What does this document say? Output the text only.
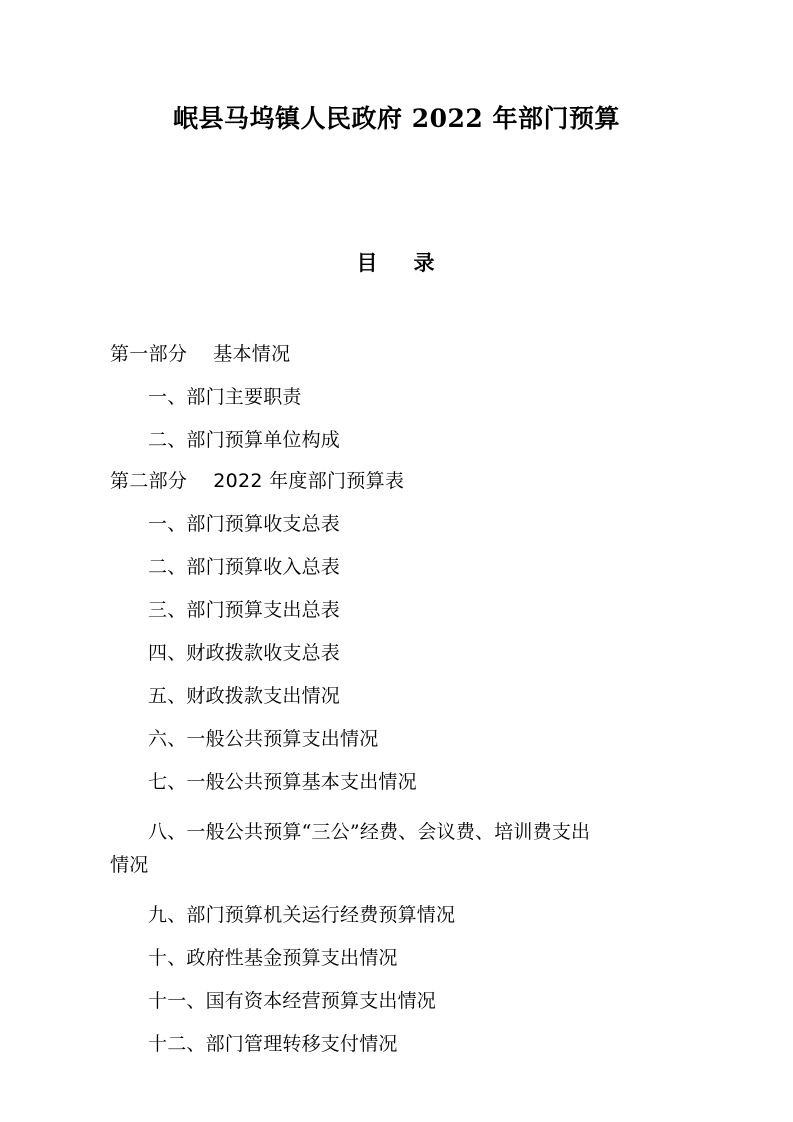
岷县马坞镇人民政府 2022 年部门预算
目 录
第一部分 基本情况
一、部门主要职责
二、部门预算单位构成
第二部分 2022 年度部门预算表
一、部门预算收支总表
二、部门预算收入总表
三、部门预算支出总表
四、财政拨款收支总表
五、财政拨款支出情况
六、一般公共预算支出情况
七、一般公共预算基本支出情况
八、一般公共预算“三公”经费、会议费、培训费支出
情况
九、部门预算机关运行经费预算情况
十、政府性基金预算支出情况
十一、国有资本经营预算支出情况
十二、部门管理转移支付情况
